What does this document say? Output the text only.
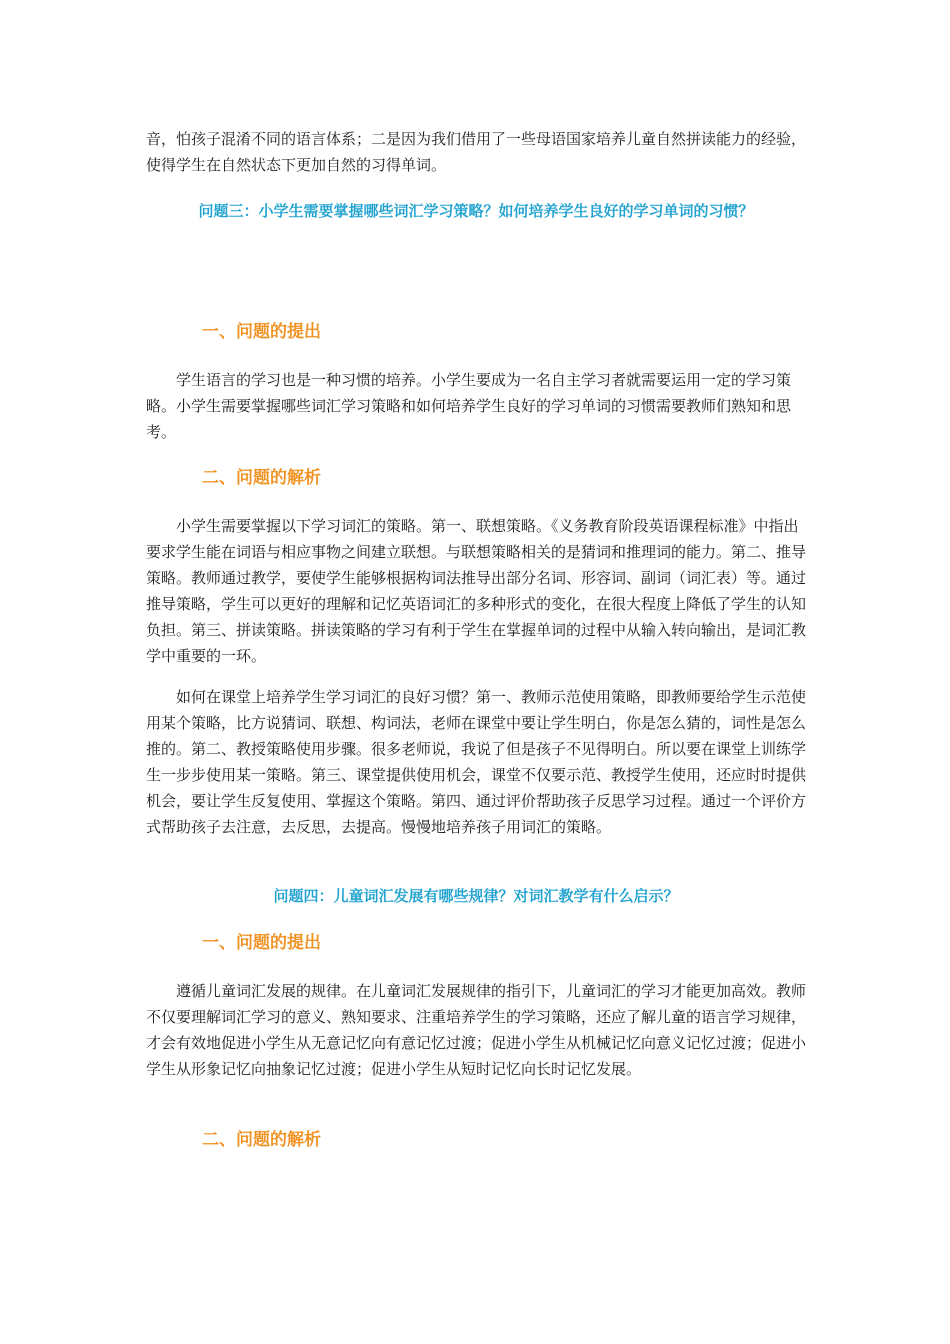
音，怕孩子混淆不同的语言体系；二是因为我们借用了一些母语国家培养儿童自然拼读能力的经验，使得学生在自然状态下更加自然的习得单词。

问题三：小学生需要掌握哪些词汇学习策略？如何培养学生良好的学习单词的习惯？
一、问题的提出

学生语言的学习也是一种习惯的培养。小学生要成为一名自主学习者就需要运用一定的学习策略。小学生需要掌握哪些词汇学习策略和如何培养学生良好的学习单词的习惯需要教师们熟知和思考。

二、问题的解析

小学生需要掌握以下学习词汇的策略。第一、联想策略。《义务教育阶段英语课程标准》中指出要求学生能在词语与相应事物之间建立联想。与联想策略相关的是猜词和推理词的能力。第二、推导策略。教师通过教学，要使学生能够根据构词法推导出部分名词、形容词、副词（词汇表）等。通过推导策略，学生可以更好的理解和记忆英语词汇的多种形式的变化，在很大程度上降低了学生的认知负担。第三、拼读策略。拼读策略的学习有利于学生在掌握单词的过程中从输入转向输出，是词汇教学中重要的一环。

如何在课堂上培养学生学习词汇的良好习惯？第一、教师示范使用策略，即教师要给学生示范使用某个策略，比方说猜词、联想、构词法，老师在课堂中要让学生明白，你是怎么猜的，词性是怎么推的。第二、教授策略使用步骤。很多老师说，我说了但是孩子不见得明白。所以要在课堂上训练学生一步步使用某一策略。第三、课堂提供使用机会，课堂不仅要示范、教授学生使用，还应时时提供机会，要让学生反复使用、掌握这个策略。第四、通过评价帮助孩子反思学习过程。通过一个评价方式帮助孩子去注意，去反思，去提高。慢慢地培养孩子用词汇的策略。

问题四：儿童词汇发展有哪些规律？对词汇教学有什么启示？
一、问题的提出

遵循儿童词汇发展的规律。在儿童词汇发展规律的指引下，儿童词汇的学习才能更加高效。教师不仅要理解词汇学习的意义、熟知要求、注重培养学生的学习策略，还应了解儿童的语言学习规律，才会有效地促进小学生从无意记忆向有意记忆过渡；促进小学生从机械记忆向意义记忆过渡；促进小学生从形象记忆向抽象记忆过渡；促进小学生从短时记忆向长时记忆发展。

二、问题的解析
